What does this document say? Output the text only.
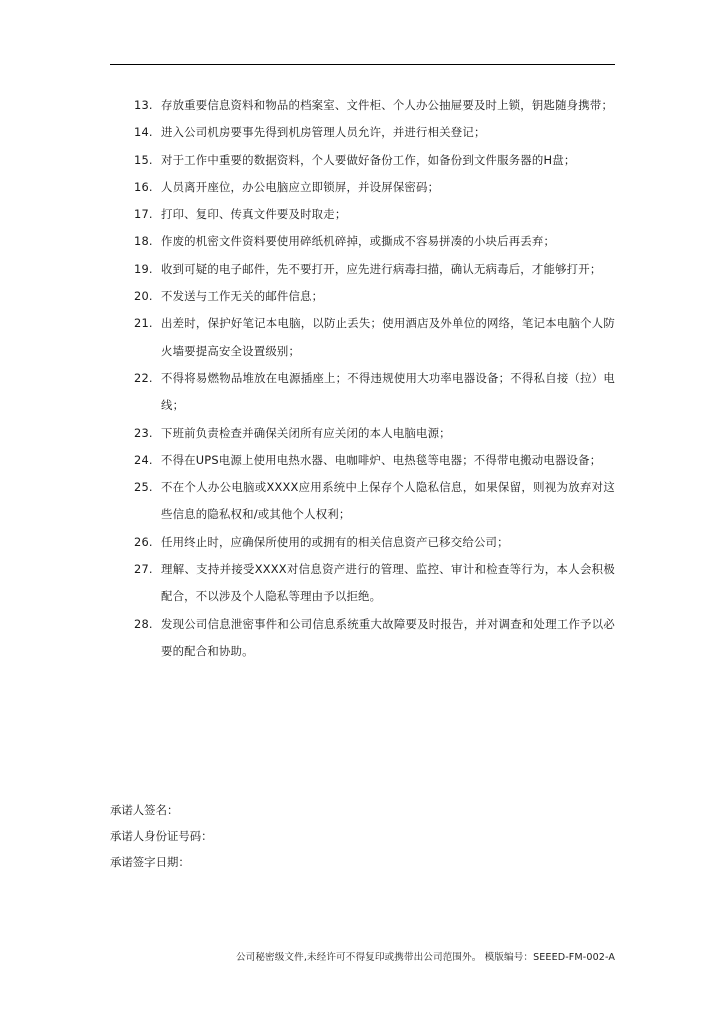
13. 存放重要信息资料和物品的档案室、文件柜、个人办公抽屉要及时上锁，钥匙随身携带；
14. 进入公司机房要事先得到机房管理人员允许，并进行相关登记；
15. 对于工作中重要的数据资料，个人要做好备份工作，如备份到文件服务器的H盘；
16. 人员离开座位，办公电脑应立即锁屏，并设屏保密码；
17. 打印、复印、传真文件要及时取走；
18. 作废的机密文件资料要使用碎纸机碎掉，或撕成不容易拼凑的小块后再丢弃；
19. 收到可疑的电子邮件，先不要打开，应先进行病毒扫描，确认无病毒后，才能够打开；
20. 不发送与工作无关的邮件信息；
21. 出差时，保护好笔记本电脑，以防止丢失；使用酒店及外单位的网络，笔记本电脑个人防火墙要提高安全设置级别；
22. 不得将易燃物品堆放在电源插座上；不得违规使用大功率电器设备；不得私自接（拉）电线；
23. 下班前负责检查并确保关闭所有应关闭的本人电脑电源；
24. 不得在UPS电源上使用电热水器、电咖啡炉、电热毯等电器；不得带电搬动电器设备；
25. 不在个人办公电脑或XXXX应用系统中上保存个人隐私信息，如果保留，则视为放弃对这些信息的隐私权和/或其他个人权利；
26. 任用终止时，应确保所使用的或拥有的相关信息资产已移交给公司；
27. 理解、支持并接受XXXX对信息资产进行的管理、监控、审计和检查等行为，本人会积极配合，不以涉及个人隐私等理由予以拒绝。
28. 发现公司信息泄密事件和公司信息系统重大故障要及时报告，并对调查和处理工作予以必要的配合和协助。
承诺人签名：
承诺人身份证号码：
承诺签字日期：
公司秘密级文件,未经许可不得复印或携带出公司范围外。 模版编号：SEEED-FM-002-A
